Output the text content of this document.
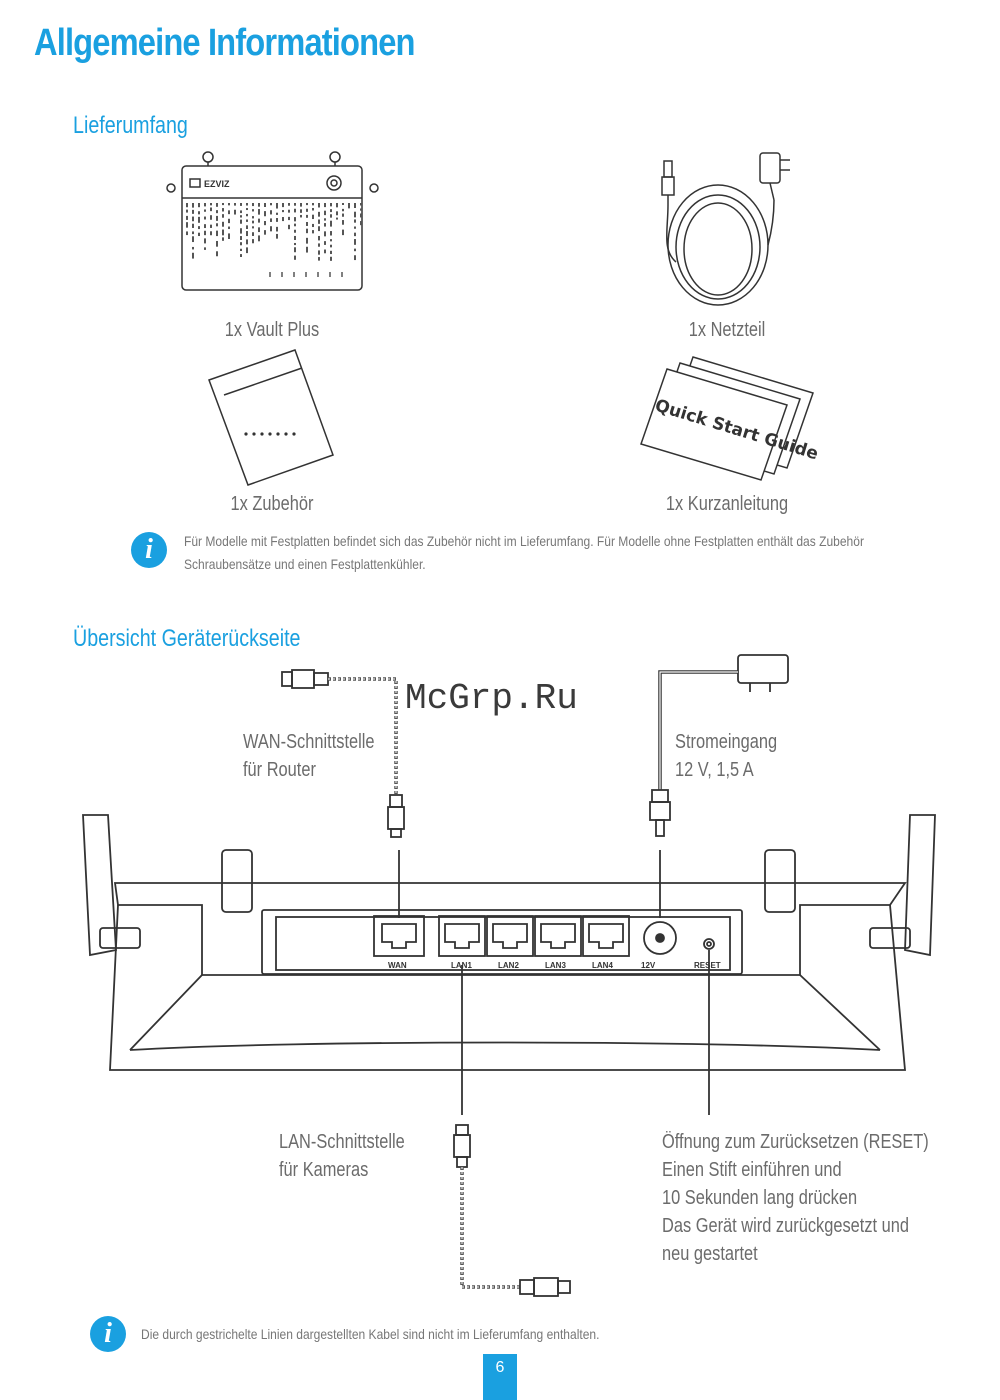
Allgemeine Informationen
Lieferumfang
EZVIZ
Quick Start Guide
WAN	LAN1	LAN2	LAN3	LAN4	12V	RESET
1x Vault Plus	1x Netzteil
1x Zubehör	1x Kurzanleitung
i	Für Modelle mit Festplatten befindet sich das Zubehör nicht im Lieferumfang. Für Modelle ohne Festplatten enthält das Zubehör
Schraubensätze und einen Festplattenkühler.
Übersicht Geräterückseite
McGrp.Ru
WAN-Schnittstelle
für Router
Stromeingang
12 V, 1,5 A
LAN-Schnittstelle
für Kameras
Öffnung zum Zurücksetzen (RESET)
Einen Stift einführen und
10 Sekunden lang drücken
Das Gerät wird zurückgesetzt und
neu gestartet
i	Die durch gestrichelte Linien dargestellten Kabel sind nicht im Lieferumfang enthalten.
6
